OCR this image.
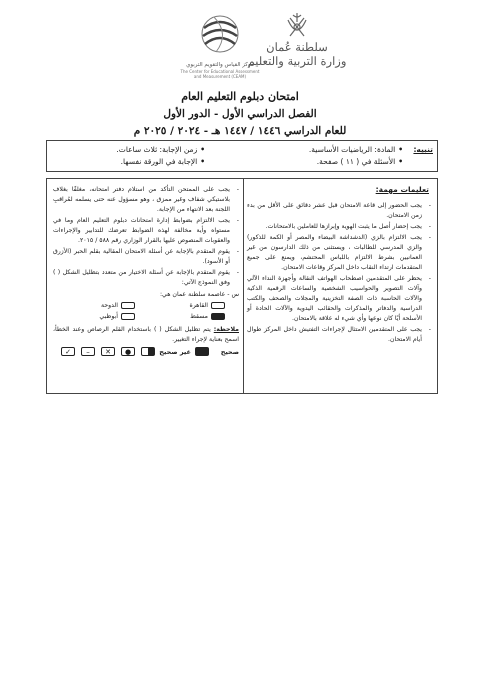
سلطنة عُمان
وزارة التربية والتعليم
مركز القياس والتقويم التربوي
The Center for Educational Assessment
and Measurement (CEAM)
امتحان دبلوم التعليم العام
الفصل الدراسي الأول - الدور الأول
للعام الدراسي ١٤٤٦ / ١٤٤٧ هـ - ٢٠٢٤ / ٢٠٢٥ م
تنبيه:
•المادة: الرياضيات الأساسية.
•الأسئلة في ( ١١ ) صفحة.
•زمن الإجابة: ثلاث ساعات.
•الإجابة في الورقة نفسها.
تعليمات مهمة:
-
يجب الحضور إلى قاعة الامتحان قبل عشر دقائق على الأقل من بدء زمن الامتحان.
-
يجب إحضار أصل ما يثبت الهوية وإبرازها للعاملين بالامتحانات.
-
يجب الالتزام بالزي (الدشداشة البيضاء والمصر أو الكمة للذكور) والزي المدرسي للطالبات ، ويستثنى من ذلك الدارسون من غير العمانيين بشرط الالتزام باللباس المحتشم، ويمنع على جميع المتقدمات ارتداء النقاب داخل المركز وقاعات الامتحان.
-
يحظر على المتقدمين اصطحاب الهواتف النقالة وأجهزة النداء الآلي وآلات التصوير والحواسيب الشخصية والساعات الرقمية الذكية والآلات الحاسبة ذات الصفة التخزينية والمجلات والصحف والكتب الدراسية والدفاتر والمذكرات والحقائب اليدوية والآلات الحادة أو الأسلحة أيًا كان نوعها وأي شيء له علاقة بالامتحان.
-
يجب على المتقدمين الامتثال لإجراءات التفتيش داخل المركز طوال أيام الامتحان.
-
يجب على الممتحن التأكد من استلام دفتر امتحانه، مغلفًا بغلاف بلاستيكي شفاف وغير ممزق ، وهو مسؤول عنه حتى يسلمه لمُراقبِ اللجنة بعد الانتهاء من الإجابة.
-
يجب الالتزام بضوابط إدارة امتحانات دبلوم التعليم العام وما في مستواه وأية مخالفة لهذه الضوابط تعرضك للتدابير والإجراءات والعقوبات المنصوص عليها بالقرار الوزاري رقم ٥٨٨ / ٢٠١٥.
-
يقوم المتقدم بالإجابة عن أسئلة الامتحان المقالية بقلم الحبر (الأزرق أو الأسود).
-
يقوم المتقدم بالإجابة عن أسئلة الاختيار من متعدد بتظليل الشكل ( ) وفق النموذج الآتي:
س - عاصمة سلطنة عمان هي:
القاهرة
الدوحة
مسقط
أبوظبي
ملاحظة: يتم تظليل الشكل ( ) باستخدام القلم الرصاص وعند الخطأ، اسمح بعناية لإجراء التغيير.
صحيح
غير صحيح
●
✕
–
✓
